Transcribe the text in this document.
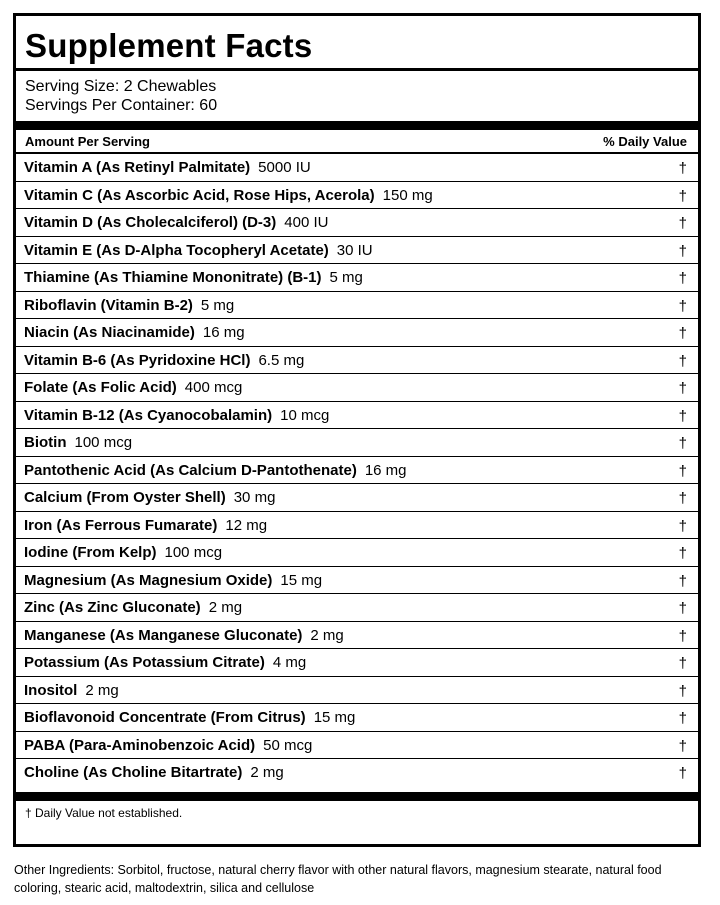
Supplement Facts
Serving Size: 2 Chewables
Servings Per Container: 60
Amount Per Serving	% Daily Value
Vitamin A (As Retinyl Palmitate) 5000 IU	†
Vitamin C (As Ascorbic Acid, Rose Hips, Acerola) 150 mg	†
Vitamin D (As Cholecalciferol) (D-3) 400 IU	†
Vitamin E (As D-Alpha Tocopheryl Acetate) 30 IU	†
Thiamine (As Thiamine Mononitrate) (B-1) 5 mg	†
Riboflavin (Vitamin B-2) 5 mg	†
Niacin (As Niacinamide) 16 mg	†
Vitamin B-6 (As Pyridoxine HCl) 6.5 mg	†
Folate (As Folic Acid) 400 mcg	†
Vitamin B-12 (As Cyanocobalamin) 10 mcg	†
Biotin 100 mcg	†
Pantothenic Acid (As Calcium D-Pantothenate) 16 mg	†
Calcium (From Oyster Shell) 30 mg	†
Iron (As Ferrous Fumarate) 12 mg	†
Iodine (From Kelp) 100 mcg	†
Magnesium (As Magnesium Oxide) 15 mg	†
Zinc (As Zinc Gluconate) 2 mg	†
Manganese (As Manganese Gluconate) 2 mg	†
Potassium (As Potassium Citrate) 4 mg	†
Inositol 2 mg	†
Bioflavonoid Concentrate (From Citrus) 15 mg	†
PABA (Para-Aminobenzoic Acid) 50 mcg	†
Choline (As Choline Bitartrate) 2 mg	†
† Daily Value not established.
Other Ingredients: Sorbitol, fructose, natural cherry flavor with other natural flavors, magnesium stearate, natural food coloring, stearic acid, maltodextrin, silica and cellulose
